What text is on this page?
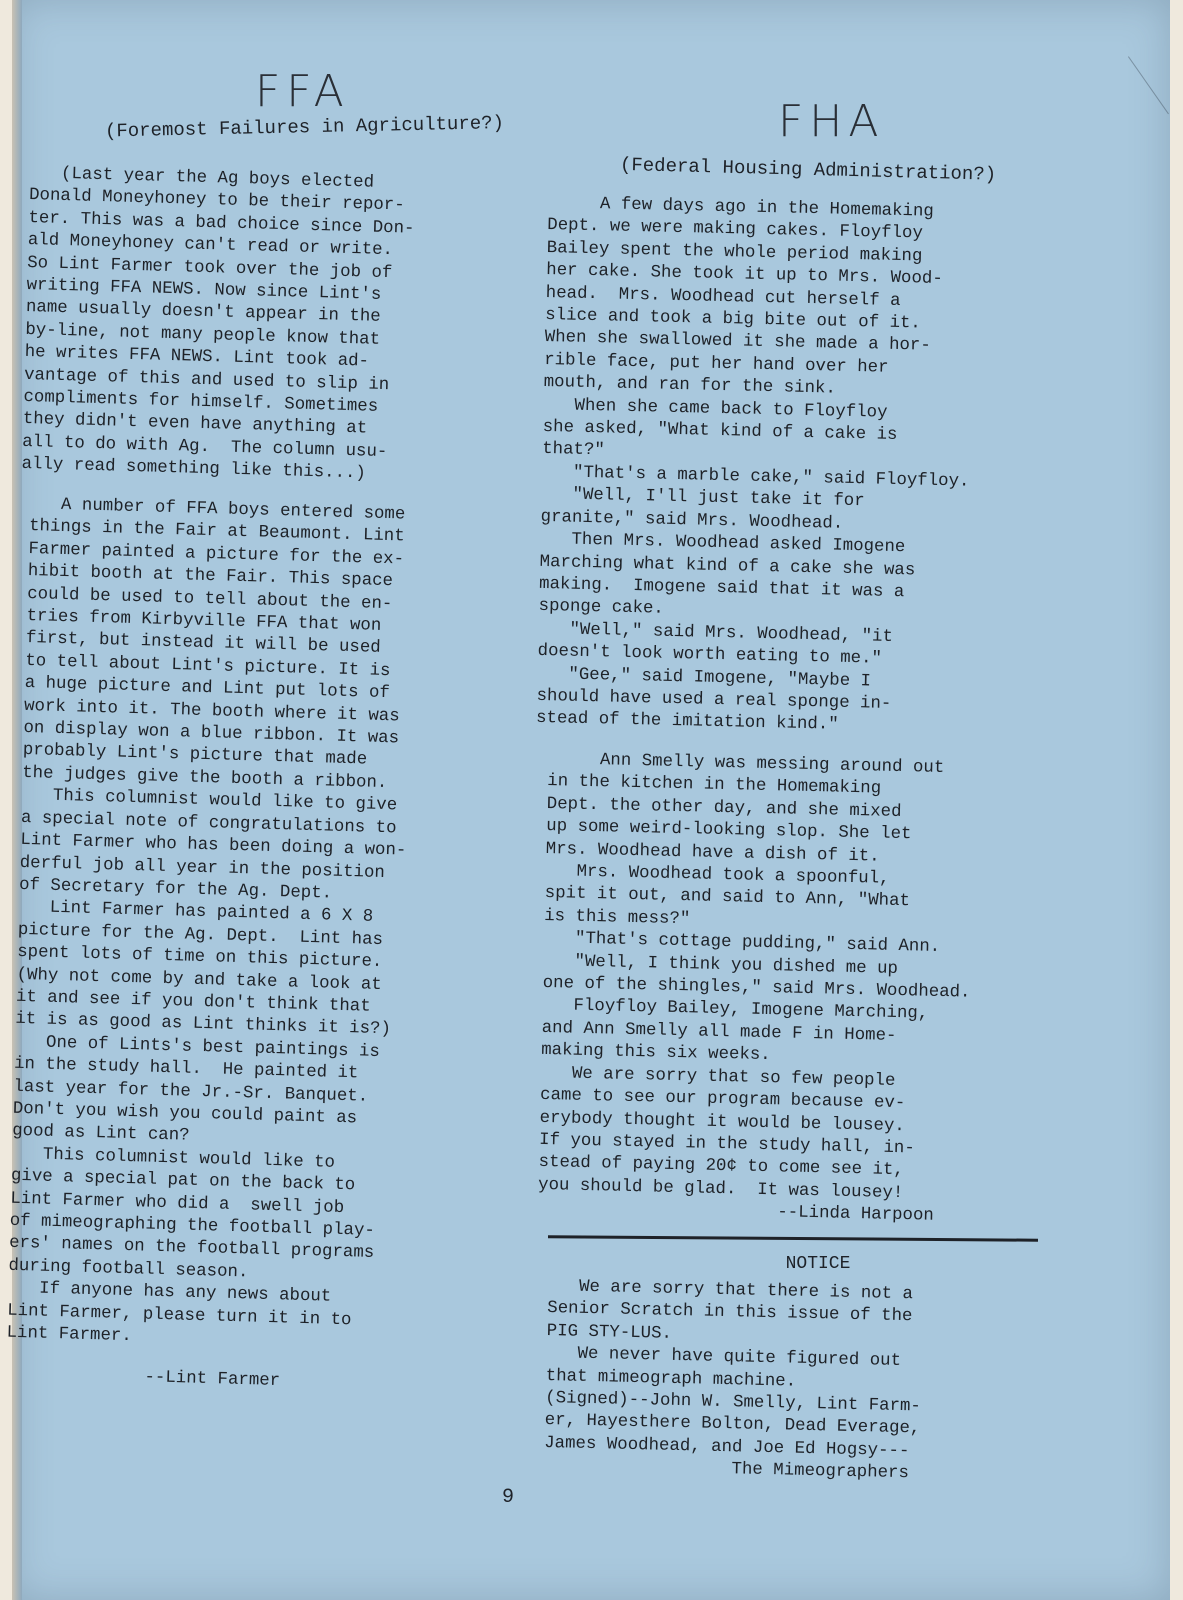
FFA
(Foremost Failures in Agriculture?)

(Last year the Ag boys elected
Donald Moneyhoney to be their repor-
ter. This was a bad choice since Don-
ald Moneyhoney can't read or write.
So Lint Farmer took over the job of
writing FFA NEWS. Now since Lint's
name usually doesn't appear in the
by-line, not many people know that
he writes FFA NEWS. Lint took ad-
vantage of this and used to slip in
compliments for himself. Sometimes
they didn't even have anything at
all to do with Ag.  The column usu-
ally read something like this...)

A number of FFA boys entered some
things in the Fair at Beaumont. Lint
Farmer painted a picture for the ex-
hibit booth at the Fair. This space
could be used to tell about the en-
tries from Kirbyville FFA that won
first, but instead it will be used
to tell about Lint's picture. It is
a huge picture and Lint put lots of
work into it. The booth where it was
on display won a blue ribbon. It was
probably Lint's picture that made
the judges give the booth a ribbon.
This columnist would like to give
a special note of congratulations to
Lint Farmer who has been doing a won-
derful job all year in the position
of Secretary for the Ag. Dept.
Lint Farmer has painted a 6 X 8
picture for the Ag. Dept.  Lint has
spent lots of time on this picture.
(Why not come by and take a look at
it and see if you don't think that
it is as good as Lint thinks it is?)
One of Lints's best paintings is
in the study hall.  He painted it
last year for the Jr.-Sr. Banquet.
Don't you wish you could paint as
good as Lint can?
This columnist would like to
give a special pat on the back to
Lint Farmer who did a  swell job
of mimeographing the football play-
ers' names on the football programs
during football season.
If anyone has any news about
Lint Farmer, please turn it in to
Lint Farmer.

--Lint Farmer

FHA
(Federal Housing Administration?)

A few days ago in the Homemaking
Dept. we were making cakes. Floyfloy
Bailey spent the whole period making
her cake. She took it up to Mrs. Wood-
head.  Mrs. Woodhead cut herself a
slice and took a big bite out of it.
When she swallowed it she made a hor-
rible face, put her hand over her
mouth, and ran for the sink.
When she came back to Floyfloy
she asked, "What kind of a cake is
that?"
"That's a marble cake," said Floyfloy.
"Well, I'll just take it for
granite," said Mrs. Woodhead.
Then Mrs. Woodhead asked Imogene
Marching what kind of a cake she was
making.  Imogene said that it was a
sponge cake.
"Well," said Mrs. Woodhead, "it
doesn't look worth eating to me."
"Gee," said Imogene, "Maybe I
should have used a real sponge in-
stead of the imitation kind."

Ann Smelly was messing around out
in the kitchen in the Homemaking
Dept. the other day, and she mixed
up some weird-looking slop. She let
Mrs. Woodhead have a dish of it.
Mrs. Woodhead took a spoonful,
spit it out, and said to Ann, "What
is this mess?"
"That's cottage pudding," said Ann.
"Well, I think you dished me up
one of the shingles," said Mrs. Woodhead.
Floyfloy Bailey, Imogene Marching,
and Ann Smelly all made F in Home-
making this six weeks.
We are sorry that so few people
came to see our program because ev-
erybody thought it would be lousey.
If you stayed in the study hall, in-
stead of paying 20¢ to come see it,
you should be glad.  It was lousey!

--Linda Harpoon

NOTICE

We are sorry that there is not a
Senior Scratch in this issue of the
PIG STY-LUS.
We never have quite figured out
that mimeograph machine.
(Signed)--John W. Smelly, Lint Farm-
er, Hayesthere Bolton, Dead Everage,
James Woodhead, and Joe Ed Hogsy---
The Mimeographers

9
